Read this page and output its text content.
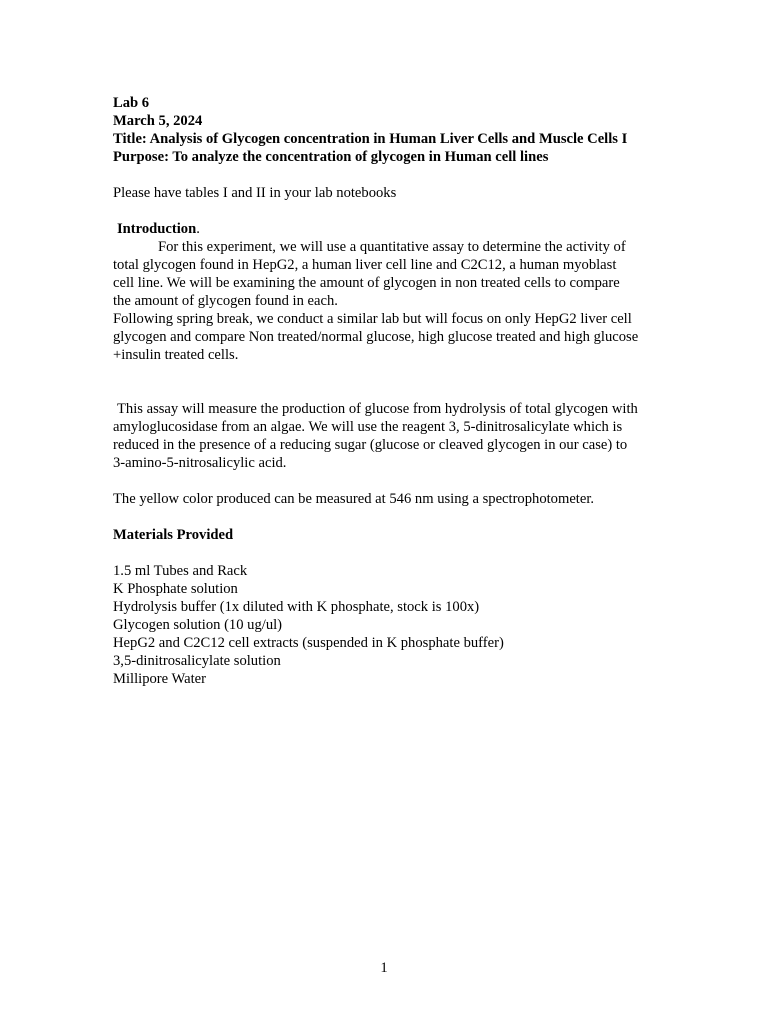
Lab 6
March 5, 2024
Title: Analysis of Glycogen concentration in Human Liver Cells and Muscle Cells I
Purpose: To analyze the concentration of glycogen in Human cell lines
Please have tables I and II in your lab notebooks
Introduction.
For this experiment, we will use a quantitative assay to determine the activity of
total glycogen found in HepG2, a human liver cell line and C2C12, a human myoblast
cell line. We will be examining the amount of glycogen in non treated cells to compare
the amount of glycogen found in each.
Following spring break, we conduct a similar lab but will focus on only HepG2 liver cell
glycogen and compare Non treated/normal glucose, high glucose treated and high glucose
+insulin treated cells.
This assay will measure the production of glucose from hydrolysis of total glycogen with
amyloglucosidase from an algae. We will use the reagent 3, 5-dinitrosalicylate which is
reduced in the presence of a reducing sugar (glucose or cleaved glycogen in our case) to
3-amino-5-nitrosalicylic acid.
The yellow color produced can be measured at 546 nm using a spectrophotometer.
Materials Provided
1.5 ml Tubes and Rack
K Phosphate solution
Hydrolysis buffer (1x diluted with K phosphate, stock is 100x)
Glycogen solution (10 ug/ul)
HepG2 and C2C12 cell extracts (suspended in K phosphate buffer)
3,5-dinitrosalicylate solution
Millipore Water
1
